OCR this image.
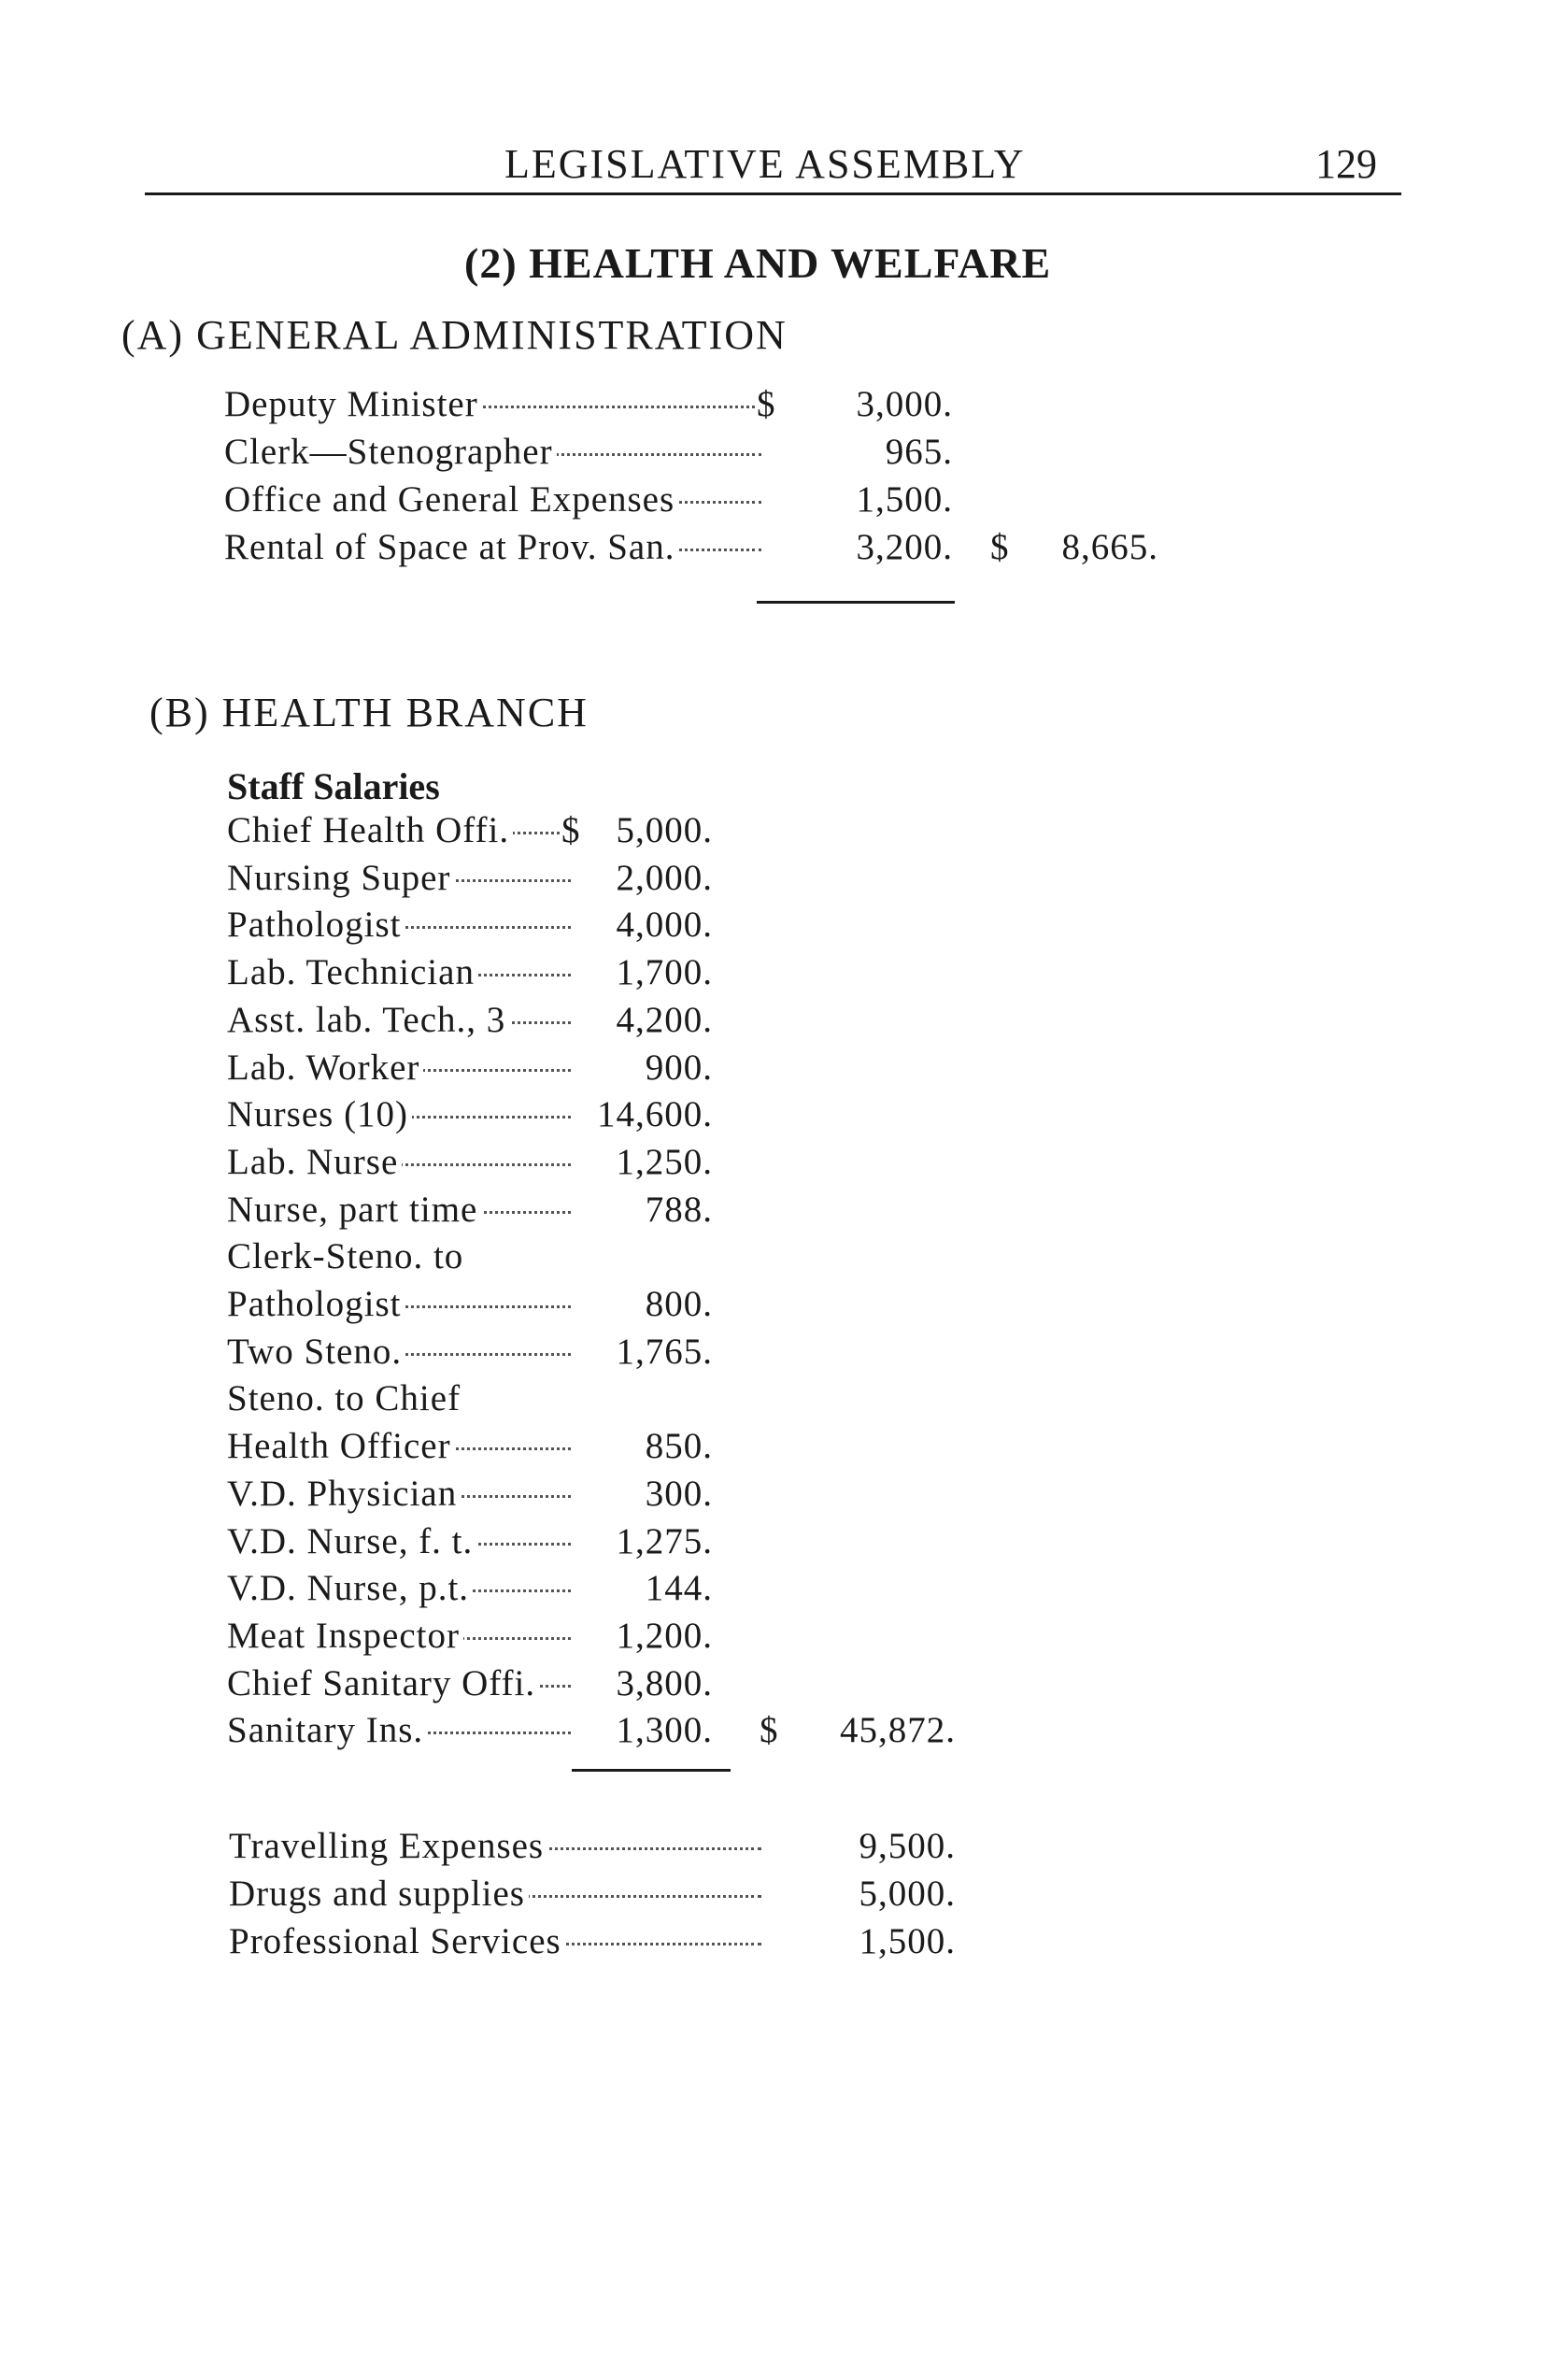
LEGISLATIVE ASSEMBLY	129
(2) HEALTH AND WELFARE
(A) GENERAL ADMINISTRATION
Deputy Minister	$ 3,000.
Clerk—Stenographer	965.
Office and General Expenses	1,500.
Rental of Space at Prov. San.	3,200. $ 8,665.
(B) HEALTH BRANCH
Staff Salaries
Chief Health Offi. $ 5,000.
Nursing Super	2,000.
Pathologist	4,000.
Lab. Technician	1,700.
Asst. lab. Tech., 3	4,200.
Lab. Worker	900.
Nurses (10)	14,600.
Lab. Nurse	1,250.
Nurse, part time	788.
Clerk-Steno. to
Pathologist	800.
Two Steno.	1,765.
Steno. to Chief
Health Officer	850.
V.D. Physician	300.
V.D. Nurse, f. t.	1,275.
V.D. Nurse, p.t.	144.
Meat Inspector	1,200.
Chief Sanitary Offi. 3,800.
Sanitary Ins.	1,300. $ 45,872.
Travelling Expenses	9,500.
Drugs and supplies	5,000.
Professional Services	1,500.
